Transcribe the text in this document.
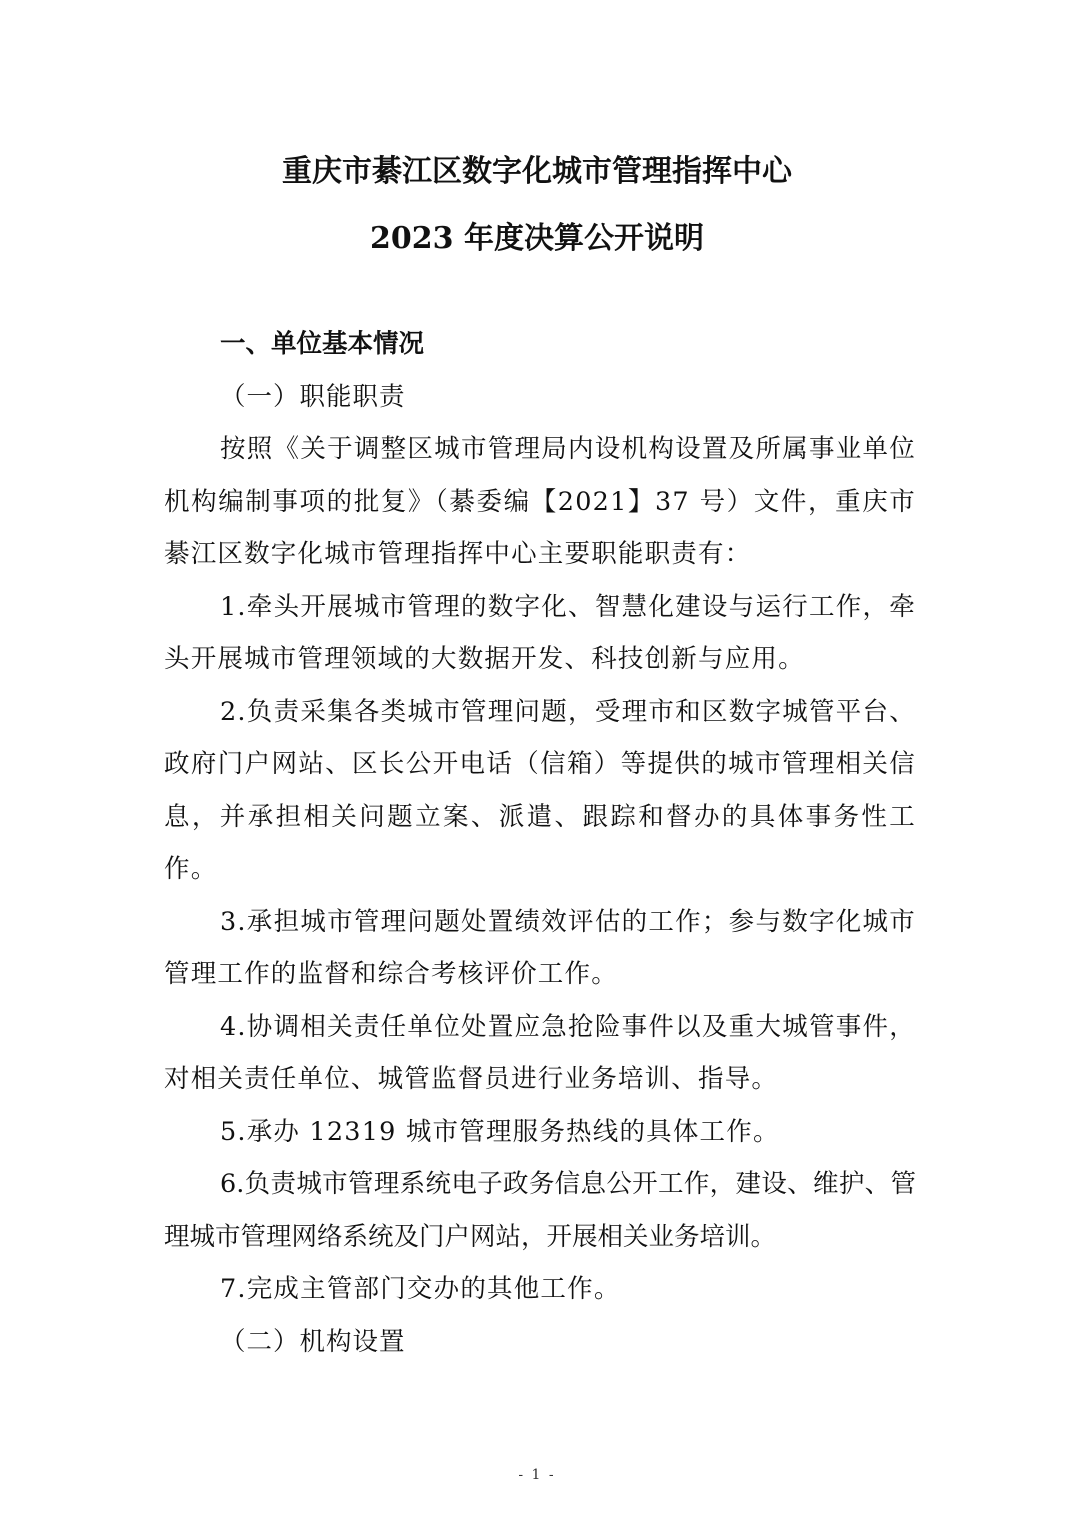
重庆市綦江区数字化城市管理指挥中心
2023 年度决算公开说明

一、单位基本情况

（一）职能职责

按照《关于调整区城市管理局内设机构设置及所属事业单位机构编制事项的批复》（綦委编【2021】37 号）文件，重庆市綦江区数字化城市管理指挥中心主要职能职责有：

1.牵头开展城市管理的数字化、智慧化建设与运行工作，牵头开展城市管理领域的大数据开发、科技创新与应用。

2.负责采集各类城市管理问题，受理市和区数字城管平台、政府门户网站、区长公开电话（信箱）等提供的城市管理相关信息，并承担相关问题立案、派遣、跟踪和督办的具体事务性工作。

3.承担城市管理问题处置绩效评估的工作；参与数字化城市管理工作的监督和综合考核评价工作。

4.协调相关责任单位处置应急抢险事件以及重大城管事件，对相关责任单位、城管监督员进行业务培训、指导。

5.承办 12319 城市管理服务热线的具体工作。

6.负责城市管理系统电子政务信息公开工作，建设、维护、管理城市管理网络系统及门户网站，开展相关业务培训。

7.完成主管部门交办的其他工作。

（二）机构设置

- 1 -
